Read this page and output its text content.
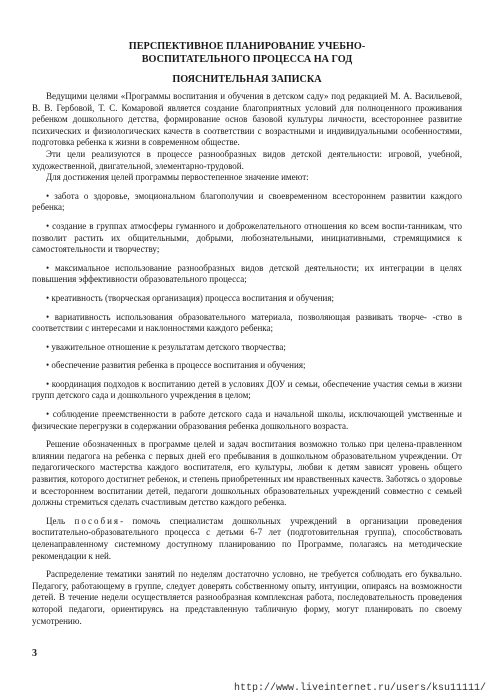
ПЕРСПЕКТИВНОЕ ПЛАНИРОВАНИЕ УЧЕБНО-
ВОСПИТАТЕЛЬНОГО ПРОЦЕССА НА ГОД

ПОЯСНИТЕЛЬНАЯ ЗАПИСКА

Ведущими целями «Программы воспитания и обучения в детском саду» под редакцией М. А. Васильевой, В. В. Гербовой, Т. С. Комаровой является создание благоприятных условий для полноценного проживания ребенком дошкольного детства, формирование основ базовой культуры личности, всестороннее развитие психических и физиологических качеств в соответствии с возрастными и индивидуальными особенностями, подготовка ребенка к жизни в современном обществе.

Эти цели реализуются в процессе разнообразных видов детской деятельности: игровой, учебной, художественной, двигательной, элементарно-трудовой.

Для достижения целей программы первостепенное значение имеют:

• забота о здоровье, эмоциональном благополучии и своевременном всестороннем развитии каждого ребенка;

• создание в группах атмосферы гуманного и доброжелательного отношения ко всем воспи-танникам, что позволит растить их общительными, добрыми, любознательными, инициативными, стремящимися к самостоятельности и творчеству;

• максимальное использование разнообразных видов детской деятельности; их интеграции в целях повышения эффективности образовательного процесса;

• креативность (творческая организация) процесса воспитания и обучения;

• вариативность использования образовательного материала, позволяющая развивать творче- -ство в соответствии с интересами и наклонностями каждого ребенка;

• уважительное отношение к результатам детского творчества;

• обеспечение развития ребенка в процессе воспитания и обучения;

• координация подходов к воспитанию детей в условиях ДОУ и семьи, обеспечение участия семьи в жизни групп детского сада и дошкольного учреждения в целом;

• соблюдение преемственности в работе детского сада и начальной школы, исключающей умственные и физические перегрузки в содержании образования ребенка дошкольного возраста.

Решение обозначенных в программе целей и задач воспитания возможно только при целена-правленном влиянии педагога на ребенка с первых дней его пребывания в дошкольном образовательном учреждении. От педагогического мастерства каждого воспитателя, его культуры, любви к детям зависят уровень общего развития, которого достигнет ребенок, и степень приобретенных им нравственных качеств. Заботясь о здоровье и всестороннем воспитании детей, педагоги дошкольных образовательных учреждений совместно с семьей должны стремиться сделать счастливым детство каждого ребенка.

Цель пособия- помочь специалистам дошкольных учреждений в организации проведения воспитательно-образовательного процесса с детьми 6-7 лет (подготовительная группа), способствовать целенаправленному системному доступному планированию по Программе, полагаясь на методические рекомендации к ней.

Распределение тематики занятий по неделям достаточно условно, не требуется соблюдать его буквально. Педагогу, работающему в группе, следует доверять собственному опыту, интуиции, опираясь на возможности детей. В течение недели осуществляется разнообразная комплексная работа, последовательность проведения которой педагоги, ориентируясь на представленную табличную форму, могут планировать по своему усмотрению.

3
http://www.liveinternet.ru/users/ksu11111/
